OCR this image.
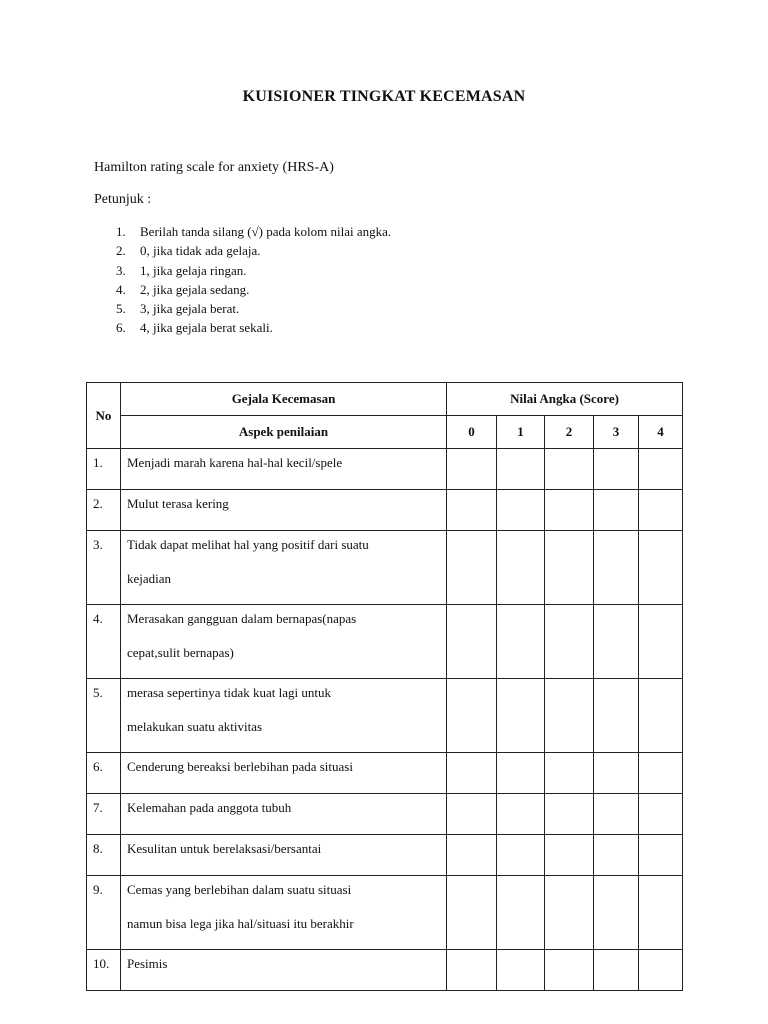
KUISIONER TINGKAT KECEMASAN
Hamilton rating scale for anxiety (HRS-A)
Petunjuk :
1. Berilah tanda silang (√) pada kolom nilai angka.
2. 0, jika tidak ada gelaja.
3. 1, jika gelaja ringan.
4. 2, jika gejala sedang.
5. 3, jika gejala berat.
6. 4, jika gejala berat sekali.
No	Gejala Kecemasan	Nilai Angka (Score)				
	Aspek penilaian	0	1	2	3	4
1.	Menjadi marah karena hal-hal kecil/spele					

2.	Mulut terasa kering					

3.	Tidak dapat melihat hal yang positif dari suatu
kejadian					

4.	Merasakan gangguan dalam bernapas(napas
cepat,sulit bernapas)					

5.	merasa sepertinya tidak kuat lagi untuk
melakukan suatu aktivitas					

6.	Cenderung bereaksi berlebihan pada situasi					

7.	Kelemahan pada anggota tubuh					

8.	Kesulitan untuk berelaksasi/bersantai					

9.	Cemas yang berlebihan dalam suatu situasi
namun bisa lega jika hal/situasi itu berakhir					

10.	Pesimis					
